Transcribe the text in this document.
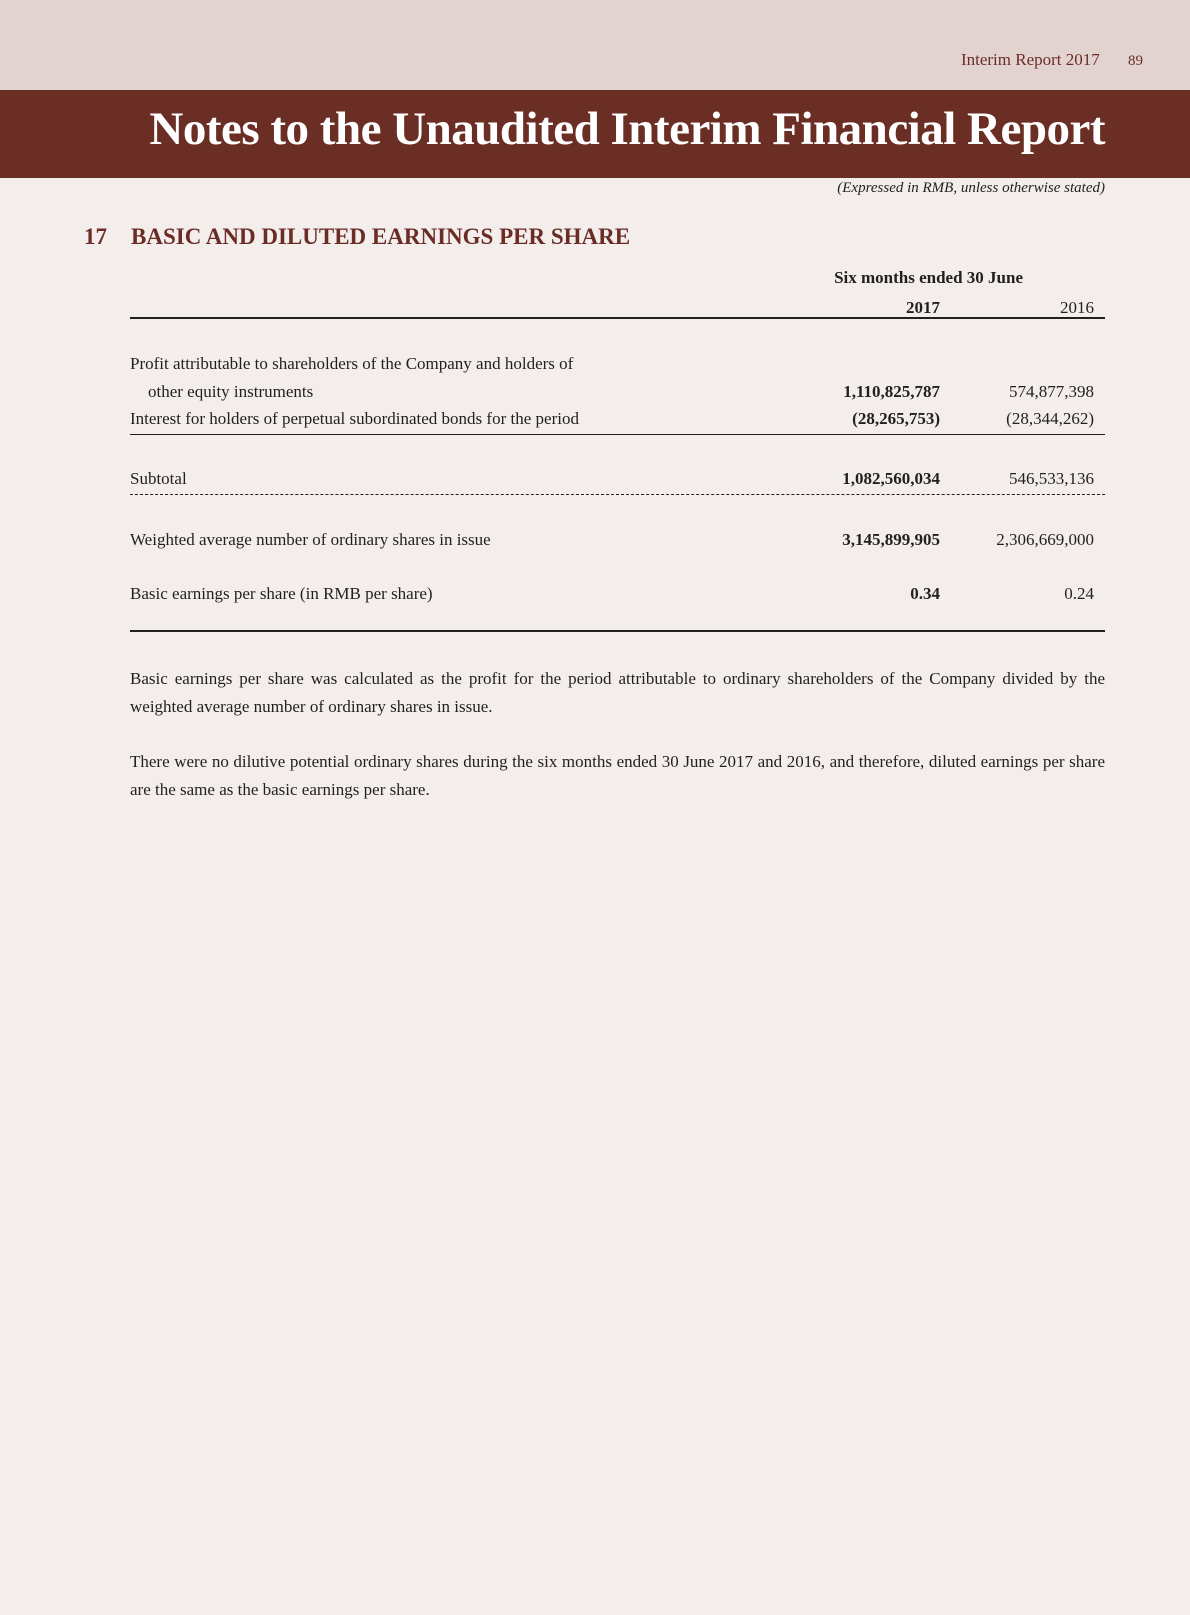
Interim Report 2017 89
Notes to the Unaudited Interim Financial Report
(Expressed in RMB, unless otherwise stated)
17 BASIC AND DILUTED EARNINGS PER SHARE
Six months ended 30 June
2017	2016
Profit attributable to shareholders of the Company and holders of
other equity instruments	1,110,825,787	574,877,398
Interest for holders of perpetual subordinated bonds for the period	(28,265,753)	(28,344,262)
Subtotal	1,082,560,034	546,533,136
Weighted average number of ordinary shares in issue	3,145,899,905	2,306,669,000
Basic earnings per share (in RMB per share)	0.34	0.24

Basic earnings per share was calculated as the profit for the period attributable to ordinary shareholders of the Company divided by the weighted average number of ordinary shares in issue.

There were no dilutive potential ordinary shares during the six months ended 30 June 2017 and 2016, and therefore, diluted earnings per share are the same as the basic earnings per share.
